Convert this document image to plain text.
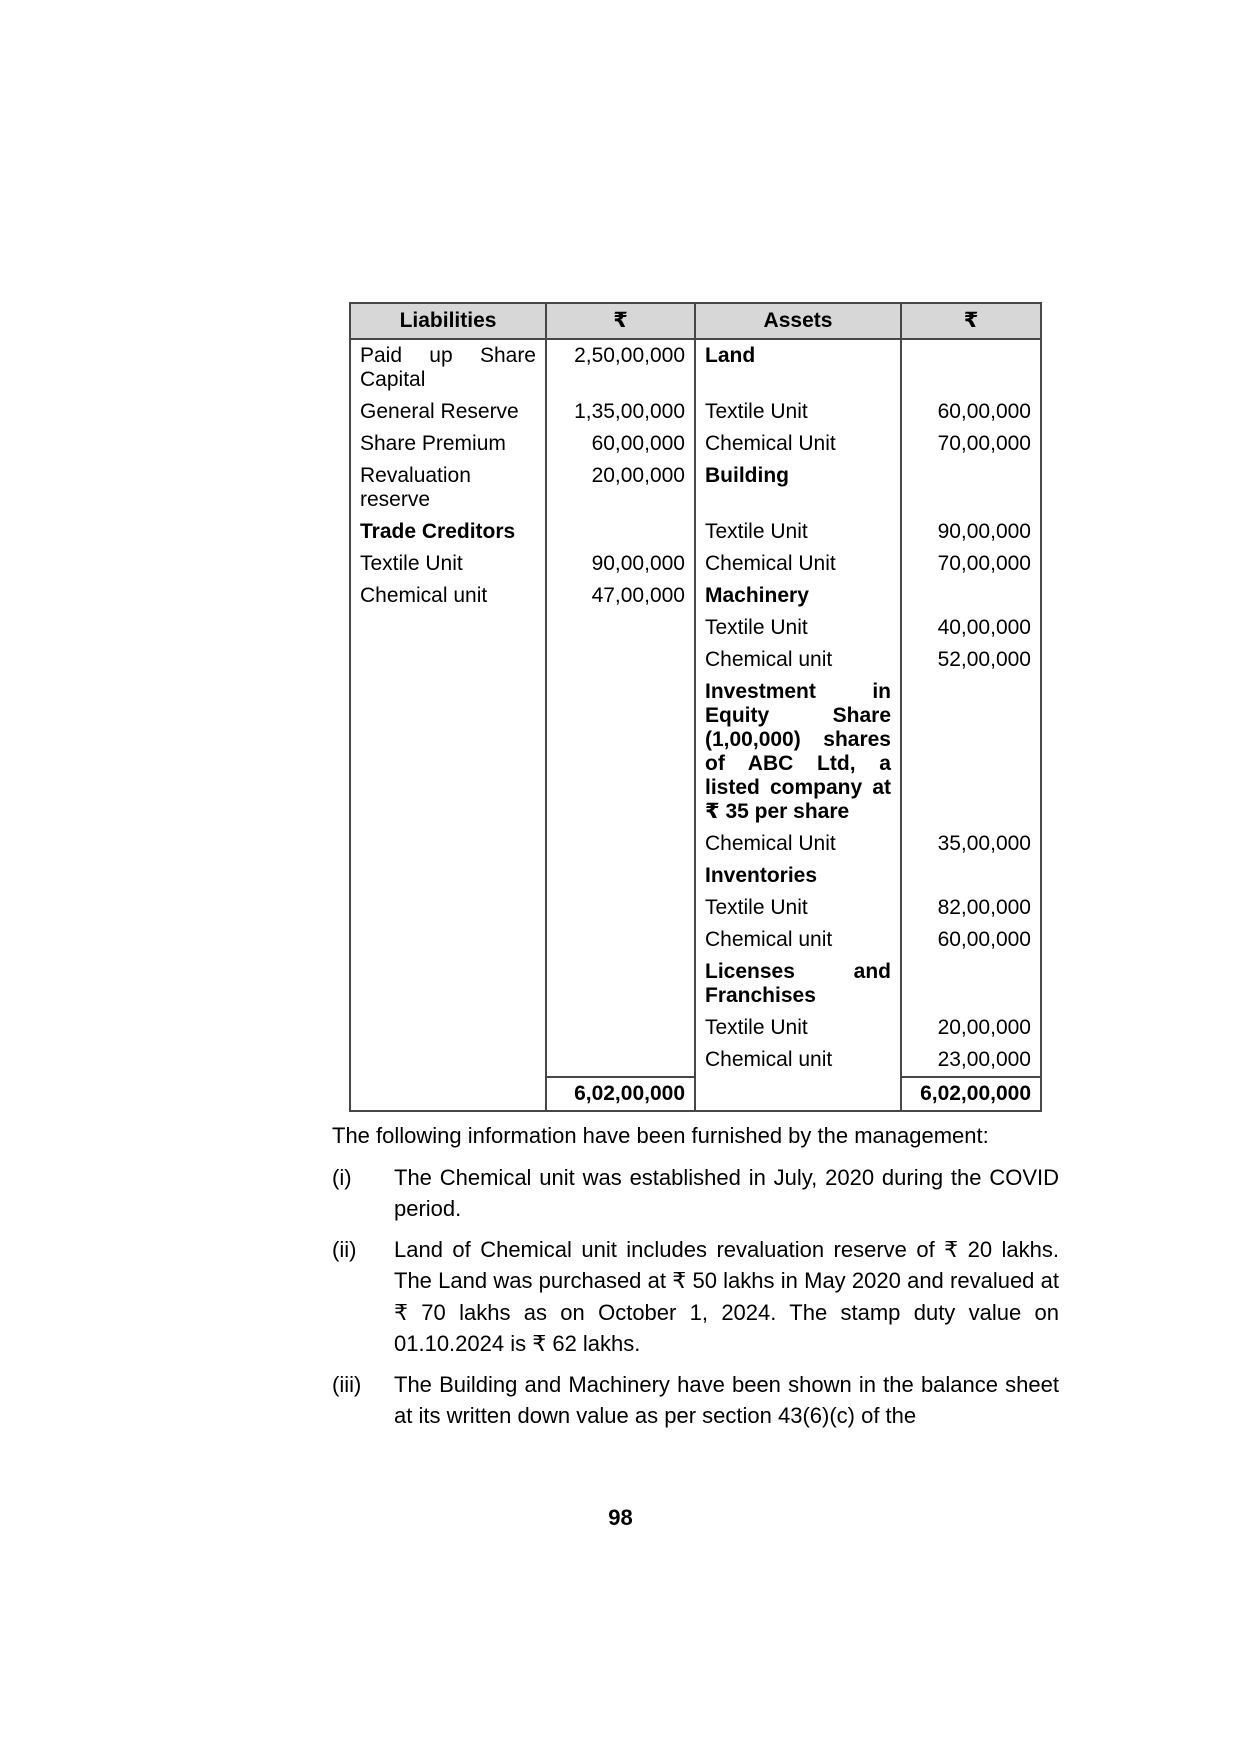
Liabilities	₹	Assets	₹
Paid up Share Capital	2,50,00,000	Land	
General Reserve	1,35,00,000	Textile Unit	60,00,000
Share Premium	60,00,000	Chemical Unit	70,00,000
Revaluation reserve	20,00,000	Building	
Trade Creditors		Textile Unit	90,00,000
Textile Unit	90,00,000	Chemical Unit	70,00,000
Chemical unit	47,00,000	Machinery	
		Textile Unit	40,00,000
		Chemical unit	52,00,000
		Investment in Equity Share (1,00,000) shares of ABC Ltd, a listed company at ₹ 35 per share	
		Chemical Unit	35,00,000
		Inventories	
		Textile Unit	82,00,000
		Chemical unit	60,00,000
		Licenses and Franchises	
		Textile Unit	20,00,000
		Chemical unit	23,00,000
	6,02,00,000		6,02,00,000

The following information have been furnished by the management:

(i)	The Chemical unit was established in July, 2020 during the COVID period.
(ii)	Land of Chemical unit includes revaluation reserve of ₹ 20 lakhs. The Land was purchased at ₹ 50 lakhs in May 2020 and revalued at ₹ 70 lakhs as on October 1, 2024. The stamp duty value on 01.10.2024 is ₹ 62 lakhs.
(iii)	The Building and Machinery have been shown in the balance sheet at its written down value as per section 43(6)(c) of the
98
